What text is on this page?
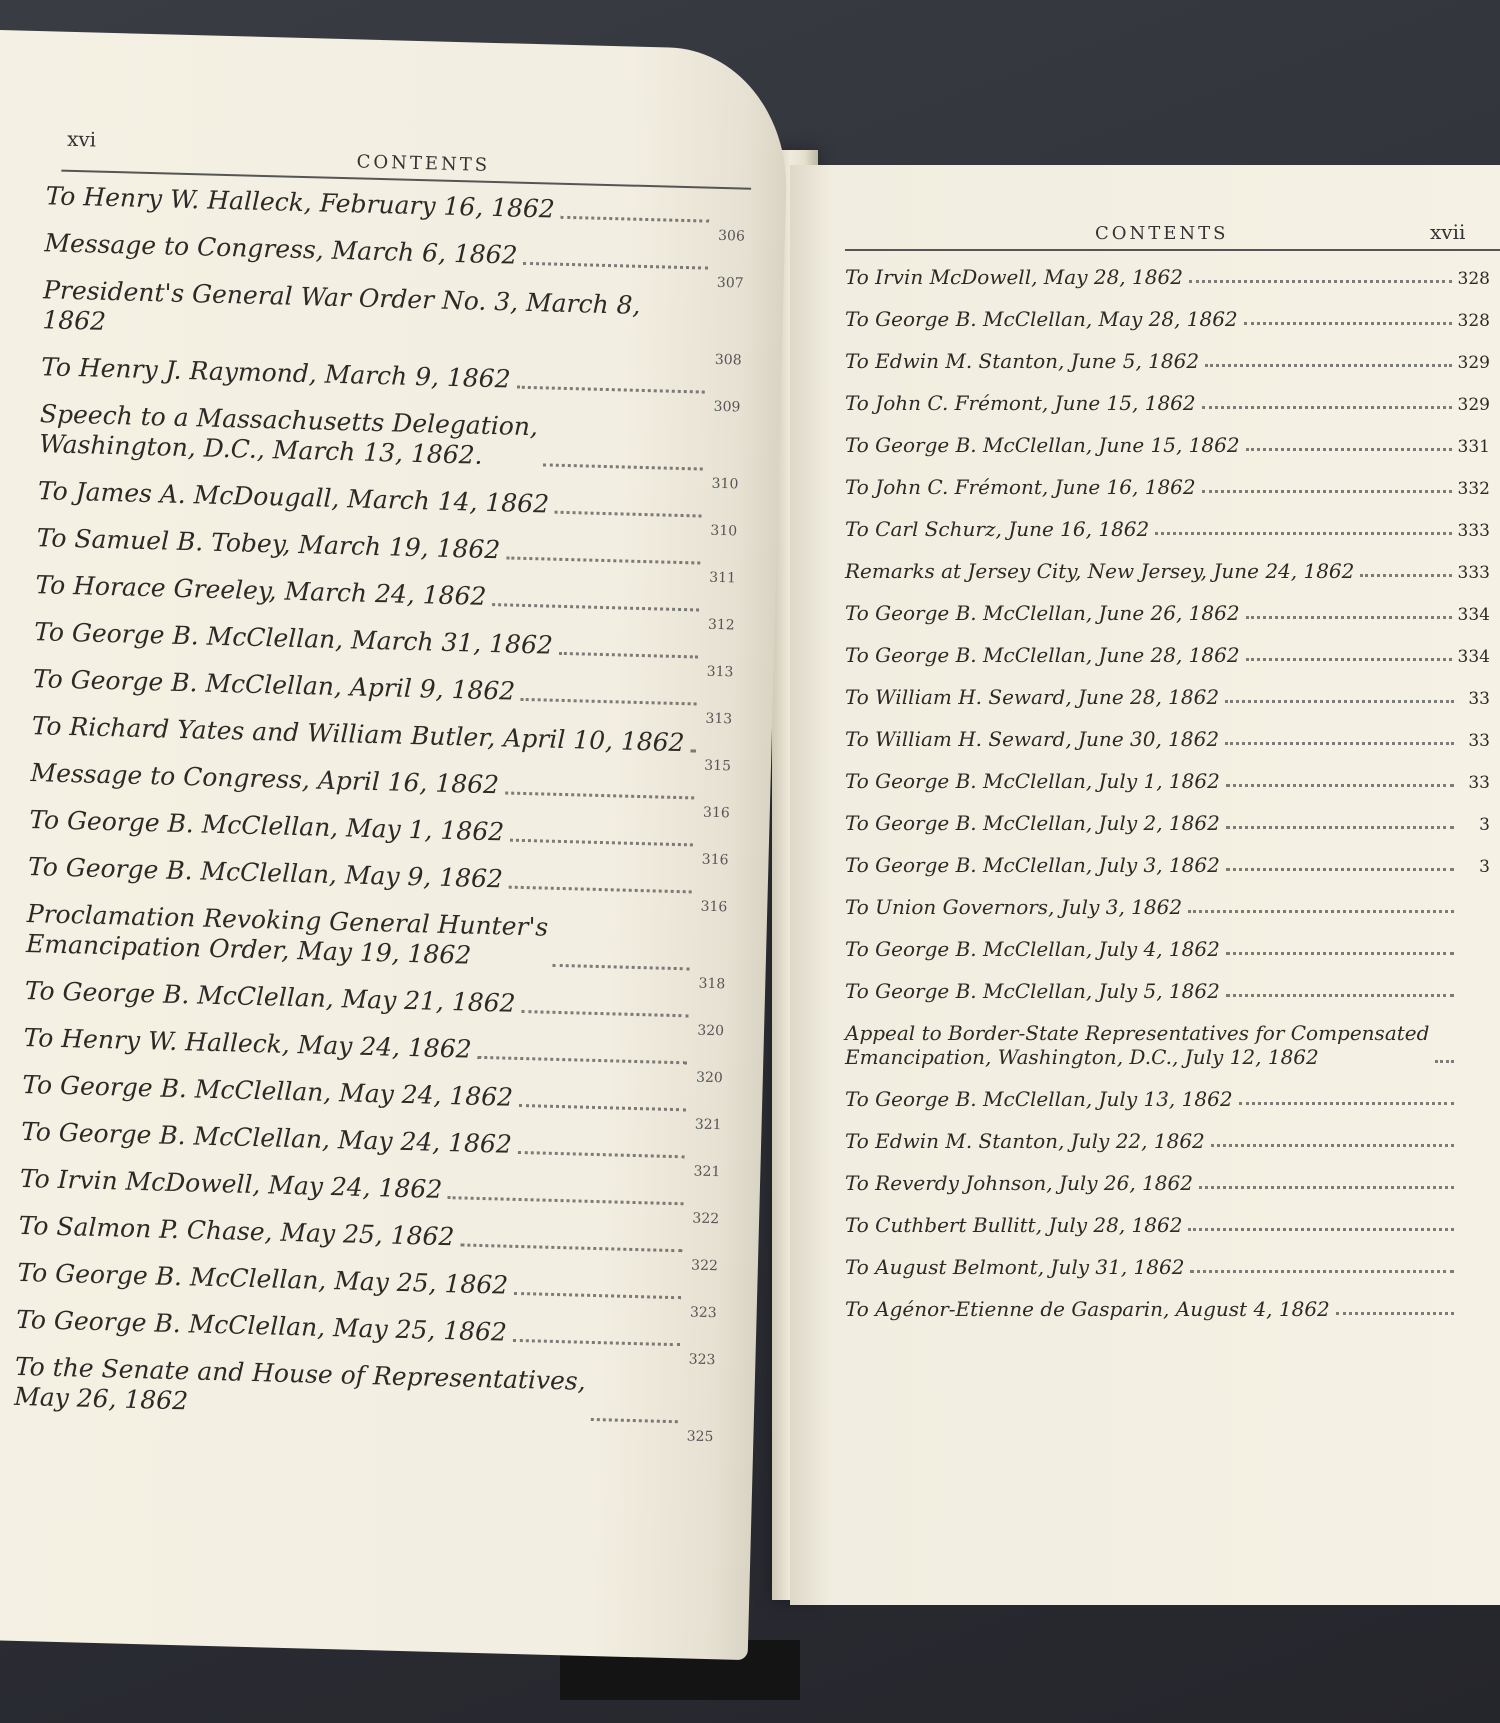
xvi
CONTENTS
To Henry W. Halleck, February 16, 1862
306
Message to Congress, March 6, 1862
307
President's General War Order No. 3, March 8, 1862
308
To Henry J. Raymond, March 9, 1862
309
Speech to a Massachusetts Delegation,
Washington, D.C., March 13, 1862.
310
To James A. McDougall, March 14, 1862
310
To Samuel B. Tobey, March 19, 1862
311
To Horace Greeley, March 24, 1862
312
To George B. McClellan, March 31, 1862
313
To George B. McClellan, April 9, 1862
313
To Richard Yates and William Butler, April 10, 1862
315
Message to Congress, April 16, 1862
316
To George B. McClellan, May 1, 1862
316
To George B. McClellan, May 9, 1862
316
Proclamation Revoking General Hunter's
Emancipation Order, May 19, 1862
318
To George B. McClellan, May 21, 1862
320
To Henry W. Halleck, May 24, 1862
320
To George B. McClellan, May 24, 1862
321
To George B. McClellan, May 24, 1862
321
To Irvin McDowell, May 24, 1862
322
To Salmon P. Chase, May 25, 1862
322
To George B. McClellan, May 25, 1862
323
To George B. McClellan, May 25, 1862
323
To the Senate and House of Representatives,
May 26, 1862
325
CONTENTS	xvii
To Irvin McDowell, May 28, 1862	328
To George B. McClellan, May 28, 1862	328
To Edwin M. Stanton, June 5, 1862	329
To John C. Frémont, June 15, 1862	329
To George B. McClellan, June 15, 1862	331
To John C. Frémont, June 16, 1862	332
To Carl Schurz, June 16, 1862	333
Remarks at Jersey City, New Jersey, June 24, 1862	333
To George B. McClellan, June 26, 1862	334
To George B. McClellan, June 28, 1862	334
To William H. Seward, June 28, 1862	33
To William H. Seward, June 30, 1862	33
To George B. McClellan, July 1, 1862	33
To George B. McClellan, July 2, 1862	3
To George B. McClellan, July 3, 1862	3
To Union Governors, July 3, 1862
To George B. McClellan, July 4, 1862
To George B. McClellan, July 5, 1862
Appeal to Border-State Representatives for Compensated
Emancipation, Washington, D.C., July 12, 1862
To George B. McClellan, July 13, 1862
To Edwin M. Stanton, July 22, 1862
To Reverdy Johnson, July 26, 1862
To Cuthbert Bullitt, July 28, 1862
To August Belmont, July 31, 1862
To Agénor-Etienne de Gasparin, August 4, 1862
